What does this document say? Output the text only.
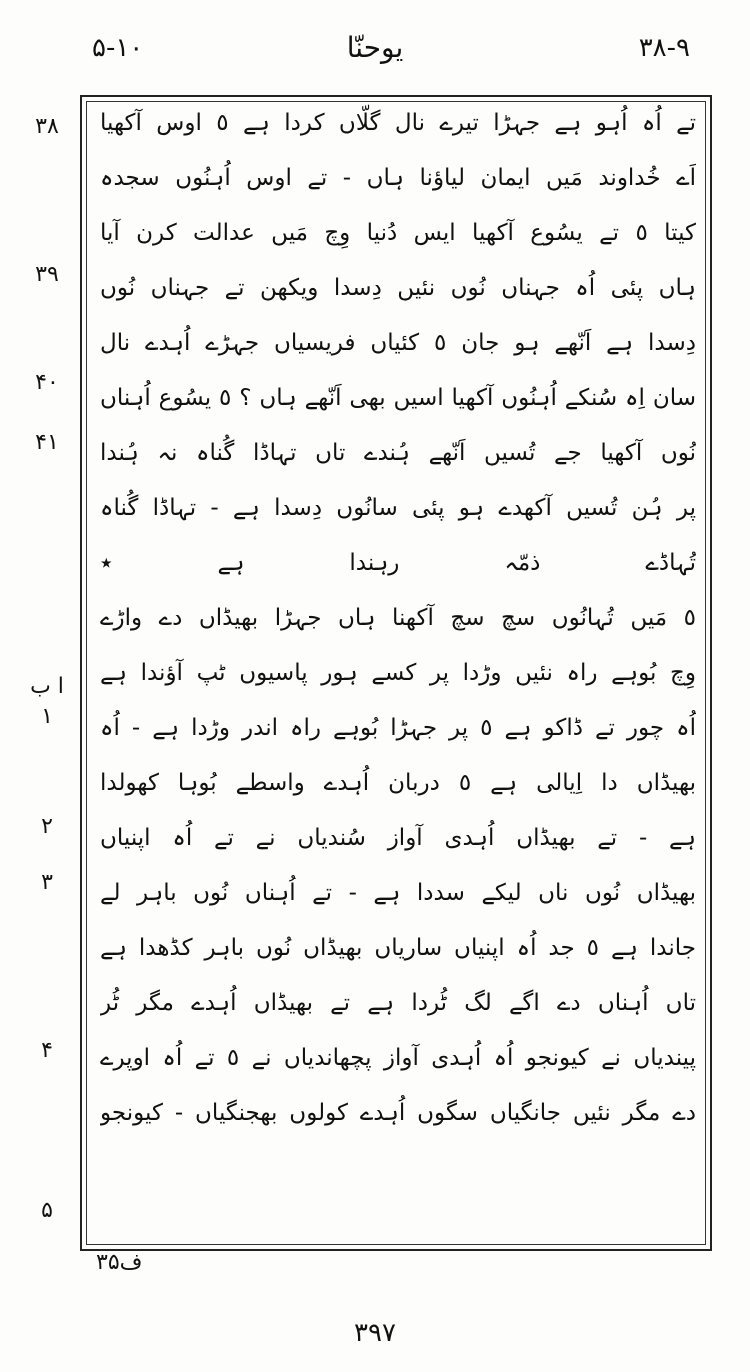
۵-۱۰	یوحنّا	۳۸-۹
۳۸
۳۹
۴۰
۴۱
ا ب ۱
۲
۳
۴
۵
تے اُہ اُہو ہے جہڑا تیرے نال گلّاں کردا ہے ٥ اوس آکھیا
اَے خُداوند مَیں ایمان لیاؤنا ہاں - تے اوس اُہنُوں سجدہ
کیتا ٥ تے یسُوع آکھیا ایس دُنیا وِچ مَیں عدالت کرن آیا
ہاں پئی اُہ جہناں نُوں نئیں دِسدا ویکھن تے جہناں نُوں
دِسدا ہے اَنّھے ہو جان ٥ کئیاں فریسیاں جہڑے اُہدے نال
سان اِہ سُنکے اُہنُوں آکھیا اسیں بھی اَنّھے ہاں ؟ ٥ یسُوع اُہناں
نُوں آکھیا جے تُسیں اَنّھے ہُندے تاں تہاڈا گُناہ نہ ہُندا
پر ہُن تُسیں آکھدے ہو پئی سانُوں دِسدا ہے - تہاڈا گُناہ
تُہاڈے ذمّہ رہندا ہے ٭
٥ مَیں تُہانُوں سچ سچ آکھنا ہاں جہڑا بھیڈاں دے واڑے
وِچ بُوہے راہ نئیں وڑدا پر کسے ہور پاسیوں ٹپ آؤندا ہے
اُہ چور تے ڈاکو ہے ٥ پر جہڑا بُوہے راہ اندر وڑدا ہے - اُہ
بھیڈاں دا اِیالی ہے ٥ دربان اُہدے واسطے بُوہا کھولدا
ہے - تے بھیڈاں اُہدی آواز سُندیاں نے تے اُہ اپنیاں
بھیڈاں نُوں ناں لیکے سددا ہے - تے اُہناں نُوں باہر لے
جاندا ہے ٥ جد اُہ اپنیاں ساریاں بھیڈاں نُوں باہر کڈھدا ہے
تاں اُہناں دے اگے لگ ٹُردا ہے تے بھیڈاں اُہدے مگر ٹُر
پیندیاں نے کیونجو اُہ اُہدی آواز پچھاندیاں نے ٥ تے اُہ اوپرے
دے مگر نئیں جانگیاں سگوں اُہدے کولوں بھجنگیاں - کیونجو
۳۵ف
۳۹۷
